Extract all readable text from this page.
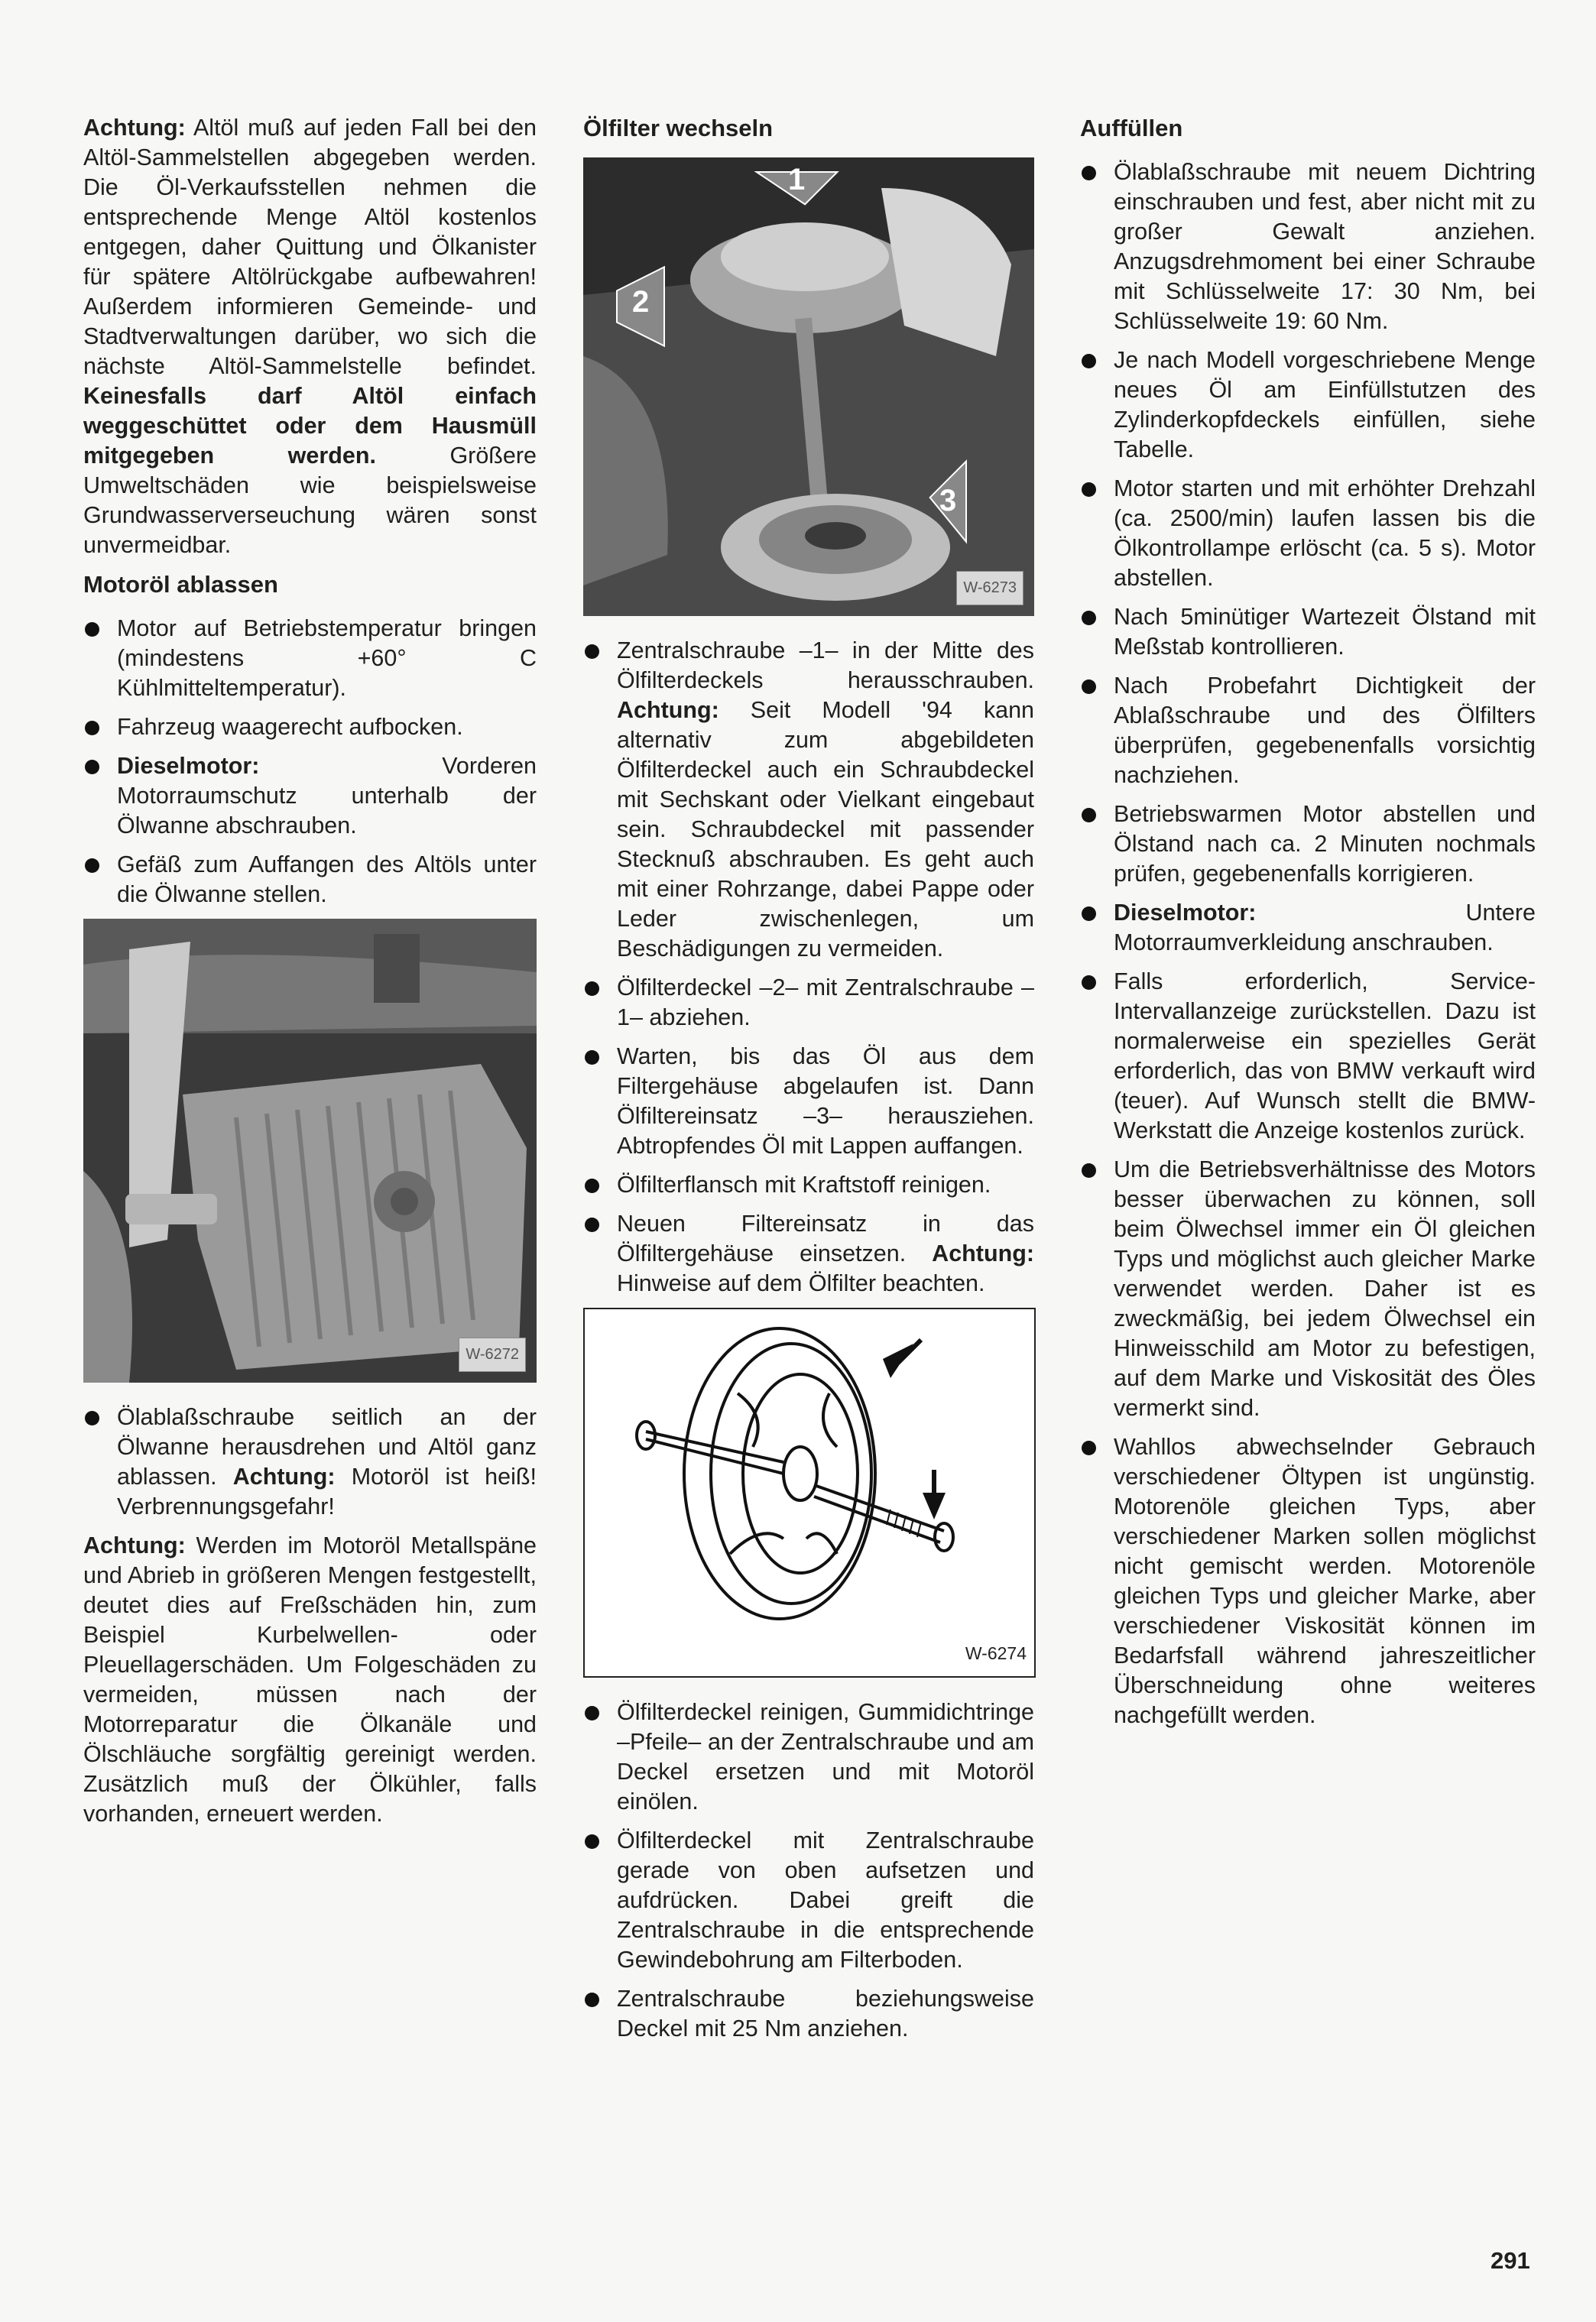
Achtung: Altöl muß auf jeden Fall bei den Altöl-Sammelstellen abgegeben werden. Die Öl-Verkaufsstellen nehmen die entsprechende Menge Altöl kostenlos entgegen, daher Quittung und Ölkanister für spätere Altölrückgabe aufbewahren! Außerdem informieren Gemeinde- und Stadtverwaltungen darüber, wo sich die nächste Altöl-Sammelstelle befindet. Keinesfalls darf Altöl einfach weggeschüttet oder dem Hausmüll mitgegeben werden. Größere Umweltschäden wie beispielsweise Grundwasserverseuchung wären sonst unvermeidbar.

Motoröl ablassen
Motor auf Betriebstemperatur bringen (mindestens +60° C Kühlmitteltemperatur).
Fahrzeug waagerecht aufbocken.
Dieselmotor: Vorderen Motorraumschutz unterhalb der Ölwanne abschrauben.
Gefäß zum Auffangen des Altöls unter die Ölwanne stellen.
W-6272
Ölablaßschraube seitlich an der Ölwanne herausdrehen und Altöl ganz ablassen. Achtung: Motoröl ist heiß! Verbrennungsgefahr!

Achtung: Werden im Motoröl Metallspäne und Abrieb in größeren Mengen festgestellt, deutet dies auf Freßschäden hin, zum Beispiel Kurbelwellen- oder Pleuellagerschäden. Um Folgeschäden zu vermeiden, müssen nach der Motorreparatur die Ölkanäle und Ölschläuche sorgfältig gereinigt werden. Zusätzlich muß der Ölkühler, falls vorhanden, erneuert werden.

Ölfilter wechseln
1
2
3
W-6273
Zentralschraube –1– in der Mitte des Ölfilterdeckels herausschrauben. Achtung: Seit Modell '94 kann alternativ zum abgebildeten Ölfilterdeckel auch ein Schraubdeckel mit Sechskant oder Vielkant eingebaut sein. Schraubdeckel mit passender Stecknuß abschrauben. Es geht auch mit einer Rohrzange, dabei Pappe oder Leder zwischenlegen, um Beschädigungen zu vermeiden.
Ölfilterdeckel –2– mit Zentralschraube –1– abziehen.
Warten, bis das Öl aus dem Filtergehäuse abgelaufen ist. Dann Ölfiltereinsatz –3– herausziehen. Abtropfendes Öl mit Lappen auffangen.
Ölfilterflansch mit Kraftstoff reinigen.
Neuen Filtereinsatz in das Ölfiltergehäuse einsetzen. Achtung: Hinweise auf dem Ölfilter beachten.
W-6274
Ölfilterdeckel reinigen, Gummidichtringe –Pfeile– an der Zentralschraube und am Deckel ersetzen und mit Motoröl einölen.
Ölfilterdeckel mit Zentralschraube gerade von oben aufsetzen und aufdrücken. Dabei greift die Zentralschraube in die entsprechende Gewindebohrung am Filterboden.
Zentralschraube beziehungsweise Deckel mit 25 Nm anziehen.
Auffüllen
Ölablaßschraube mit neuem Dichtring einschrauben und fest, aber nicht mit zu großer Gewalt anziehen. Anzugsdrehmoment bei einer Schraube mit Schlüsselweite 17: 30 Nm, bei Schlüsselweite 19: 60 Nm.
Je nach Modell vorgeschriebene Menge neues Öl am Einfüllstutzen des Zylinderkopfdeckels einfüllen, siehe Tabelle.
Motor starten und mit erhöhter Drehzahl (ca. 2500/min) laufen lassen bis die Ölkontrollampe erlöscht (ca. 5 s). Motor abstellen.
Nach 5minütiger Wartezeit Ölstand mit Meßstab kontrollieren.
Nach Probefahrt Dichtigkeit der Ablaßschraube und des Ölfilters überprüfen, gegebenenfalls vorsichtig nachziehen.
Betriebswarmen Motor abstellen und Ölstand nach ca. 2 Minuten nochmals prüfen, gegebenenfalls korrigieren.
Dieselmotor: Untere Motorraumverkleidung anschrauben.
Falls erforderlich, Service-Intervallanzeige zurückstellen. Dazu ist normalerweise ein spezielles Gerät erforderlich, das von BMW verkauft wird (teuer). Auf Wunsch stellt die BMW-Werkstatt die Anzeige kostenlos zurück.
Um die Betriebsverhältnisse des Motors besser überwachen zu können, soll beim Ölwechsel immer ein Öl gleichen Typs und möglichst auch gleicher Marke verwendet werden. Daher ist es zweckmäßig, bei jedem Ölwechsel ein Hinweisschild am Motor zu befestigen, auf dem Marke und Viskosität des Öles vermerkt sind.
Wahllos abwechselnder Gebrauch verschiedener Öltypen ist ungünstig. Motorenöle gleichen Typs, aber verschiedener Marken sollen möglichst nicht gemischt werden. Motorenöle gleichen Typs und gleicher Marke, aber verschiedener Viskosität können im Bedarfsfall während jahreszeitlicher Überschneidung ohne weiteres nachgefüllt werden.
291
